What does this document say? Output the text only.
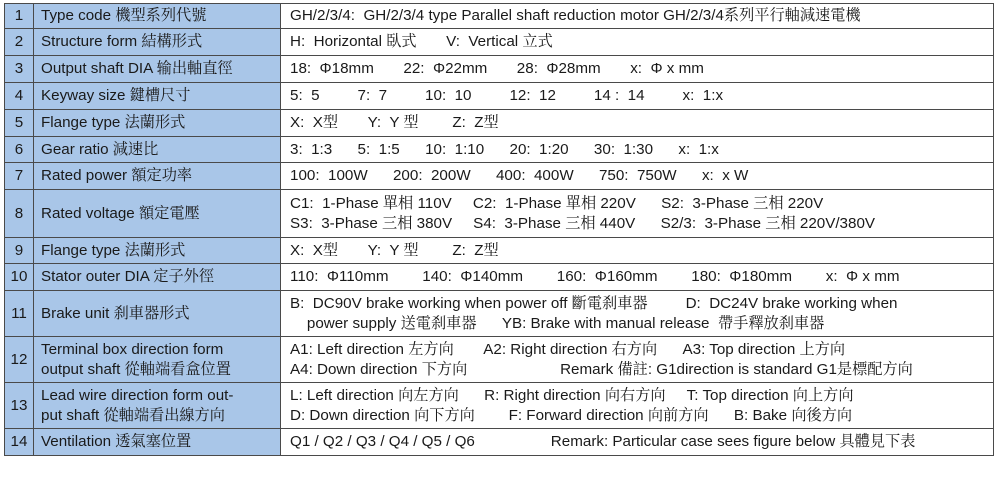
1	Type code 機型系列代號	GH/2/3/4:  GH/2/3/4 type Parallel shaft reduction motor GH/2/3/4系列平行軸減速電機

2	Structure form 結構形式	H:  Horizontal 臥式       V:  Vertical 立式

3	Output shaft DIA 输出軸直徑	18:  Φ18mm       22:  Φ22mm       28:  Φ28mm       x:  Φ x mm

4	Keyway size 鍵槽尺寸	5:  5         7:  7         10:  10         12:  12         14 :  14         x:  1:x

5	Flange type 法蘭形式	X:  X型       Y:  Y 型        Z:  Z型

6	Gear ratio 減速比	3:  1:3      5:  1:5      10:  1:10      20:  1:20      30:  1:30      x:  1:x

7	Rated power 額定功率	100:  100W      200:  200W      400:  400W      750:  750W      x:  x W

8	Rated voltage 額定電壓	C1:  1-Phase 單相 110V     C2:  1-Phase 單相 220V      S2:  3-Phase 三相 220V
S3:  3-Phase 三相 380V     S4:  3-Phase 三相 440V      S2/3:  3-Phase 三相 220V/380V

9	Flange type 法蘭形式	X:  X型       Y:  Y 型        Z:  Z型

10	Stator outer DIA 定子外徑	110:  Φ110mm        140:  Φ140mm        160:  Φ160mm        180:  Φ180mm        x:  Φ x mm

11	Brake unit 刹車器形式	B:  DC90V brake working when power off 斷電刹車器         D:  DC24V brake working when
power supply 送電刹車器      YB: Brake with manual release  帶手釋放刹車器

12	Terminal box direction form
output shaft 從軸端看盒位置	A1: Left direction 左方向       A2: Right direction 右方向      A3: Top direction 上方向
A4: Down direction 下方向                      Remark 備註: G1direction is standard G1是標配方向

13	Lead wire direction form out-
put shaft 從軸端看出線方向	L: Left direction 向左方向      R: Right direction 向右方向     T: Top direction 向上方向
D: Down direction 向下方向        F: Forward direction 向前方向      B: Bake 向後方向

14	Ventilation 透氣塞位置	Q1 / Q2 / Q3 / Q4 / Q5 / Q6                  Remark: Particular case sees figure below 具體見下表
